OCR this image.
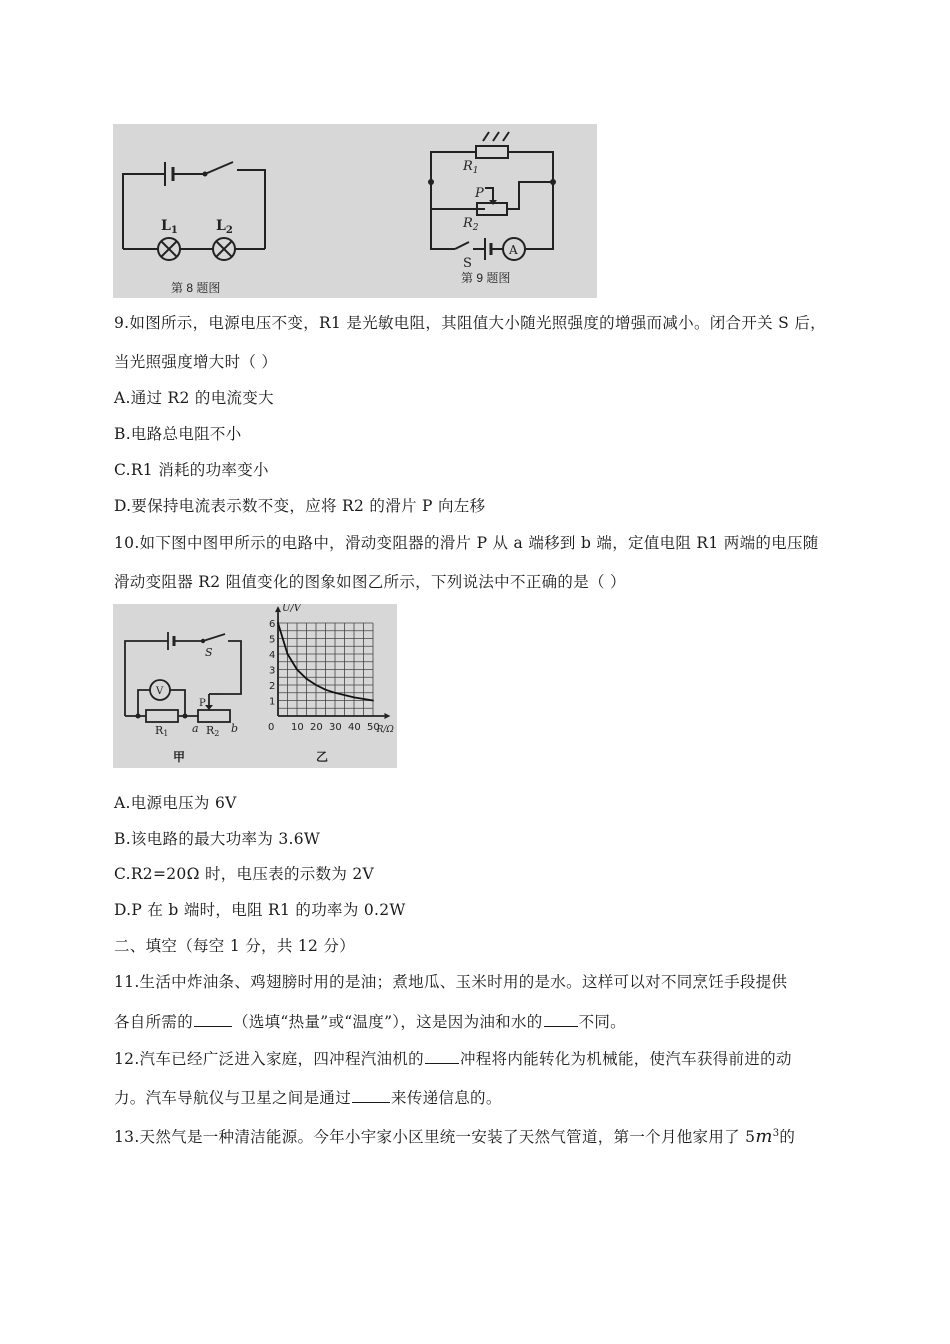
$L_1$	$L_2$
$R_1$
P
$R_2$
S
A
第 8 题图
第 9 题图
9.如图所示，电源电压不变，R1 是光敏电阻，其阻值大小随光照强度的增强而减小。闭合开关 S 后，
当光照强度增大时（ ）
A.通过 R2 的电流变大
B.电路总电阻不小
C.R1 消耗的功率变小
D.要保持电流表示数不变，应将 R2 的滑片 P 向左移
10.如下图中图甲所示的电路中，滑动变阻器的滑片 P 从 a 端移到 b 端，定值电阻 R1 两端的电压随
滑动变阻器 R2 阻值变化的图象如图乙所示，下列说法中不正确的是（ ）
V
S
P
R1	R2
a	b
甲	乙
1
2
3
4
5
6
0 10 20 30 40 50
U/V
R/Ω
A.电源电压为 6V
B.该电路的最大功率为 3.6W
C.R2=20Ω 时，电压表的示数为 2V
D.P 在 b 端时，电阻 R1 的功率为 0.2W
二、填空（每空 1 分，共 12 分）
11.生活中炸油条、鸡翅膀时用的是油；煮地瓜、玉米时用的是水。这样可以对不同烹饪手段提供
各自所需的	（选填“热量”或“温度”），这是因为油和水的 不同。
12.汽车已经广泛进入家庭，四冲程汽油机的 冲程将内能转化为机械能，使汽车获得前进的动
力。汽车导航仪与卫星之间是通过	来传递信息的。
13.天然气是一种清洁能源。今年小宇家小区里统一安装了天然气管道，第一个月他家用了 $5m^3$的
